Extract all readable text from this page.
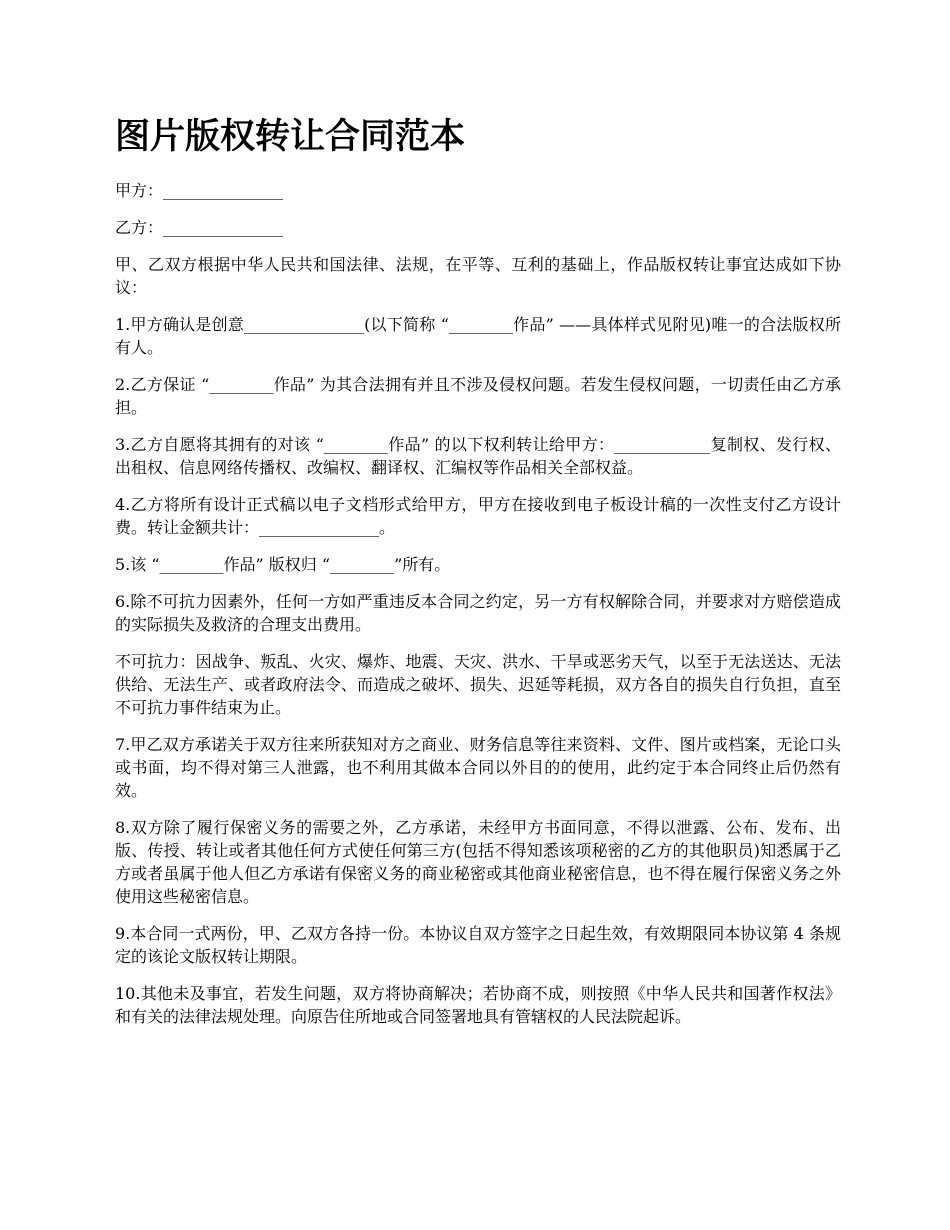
图片版权转让合同范本

甲方：_______________

乙方：_______________

甲、乙双方根据中华人民共和国法律、法规，在平等、互利的基础上，作品版权转让事宜达成如下协议：

1.甲方确认是创意_______________(以下简称 “________作品” ——具体样式见附见)唯一的合法版权所有人。

2.乙方保证 “________作品” 为其合法拥有并且不涉及侵权问题。若发生侵权问题，一切责任由乙方承担。

3.乙方自愿将其拥有的对该 “________作品” 的以下权利转让给甲方：____________复制权、发行权、出租权、信息网络传播权、改编权、翻译权、汇编权等作品相关全部权益。

4.乙方将所有设计正式稿以电子文档形式给甲方，甲方在接收到电子板设计稿的一次性支付乙方设计费。转让金额共计：_______________。

5.该 “________作品” 版权归 “________”所有。

6.除不可抗力因素外，任何一方如严重违反本合同之约定，另一方有权解除合同，并要求对方赔偿造成的实际损失及救济的合理支出费用。

不可抗力：因战争、叛乱、火灾、爆炸、地震、天灾、洪水、干旱或恶劣天气，以至于无法送达、无法供给、无法生产、或者政府法令、而造成之破坏、损失、迟延等耗损，双方各自的损失自行负担，直至不可抗力事件结束为止。

7.甲乙双方承诺关于双方往来所获知对方之商业、财务信息等往来资料、文件、图片或档案，无论口头或书面，均不得对第三人泄露，也不利用其做本合同以外目的的使用，此约定于本合同终止后仍然有效。

8.双方除了履行保密义务的需要之外，乙方承诺，未经甲方书面同意，不得以泄露、公布、发布、出版、传授、转让或者其他任何方式使任何第三方(包括不得知悉该项秘密的乙方的其他职员)知悉属于乙方或者虽属于他人但乙方承诺有保密义务的商业秘密或其他商业秘密信息，也不得在履行保密义务之外使用这些秘密信息。

9.本合同一式两份，甲、乙双方各持一份。本协议自双方签字之日起生效，有效期限同本协议第 4 条规定的该论文版权转让期限。

10.其他未及事宜，若发生问题，双方将协商解决；若协商不成，则按照《中华人民共和国著作权法》和有关的法律法规处理。向原告住所地或合同签署地具有管辖权的人民法院起诉。
